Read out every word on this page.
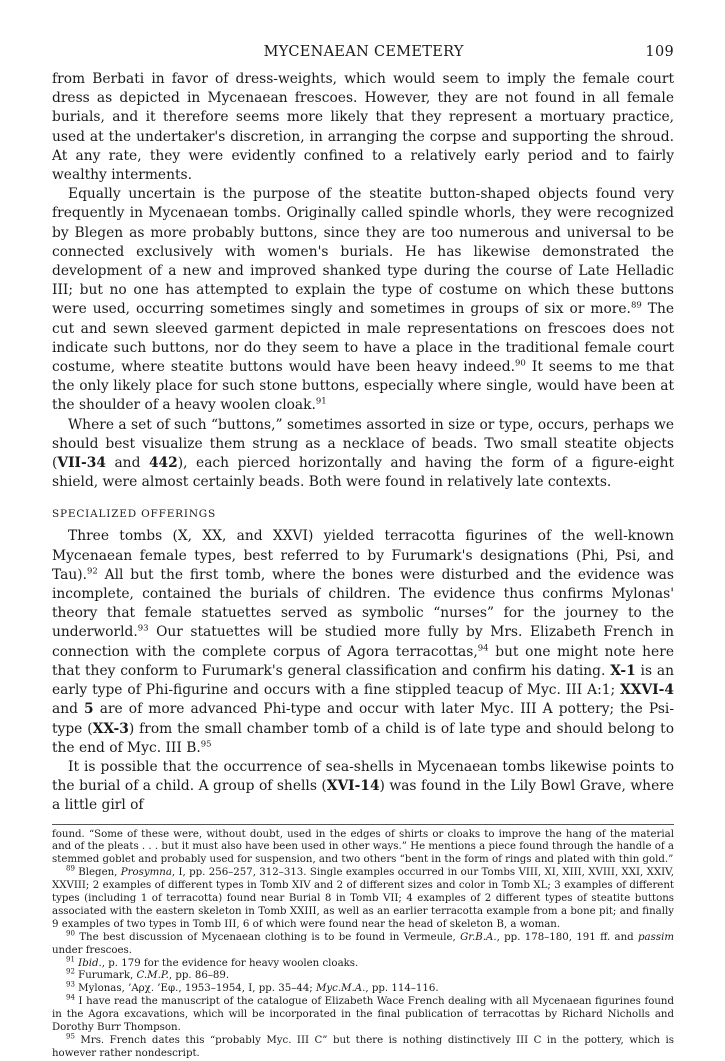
MYCENAEAN CEMETERY	109

from Berbati in favor of dress-weights, which would seem to imply the female court dress as depicted in Mycenaean frescoes. However, they are not found in all female burials, and it therefore seems more likely that they represent a mortuary practice, used at the undertaker's discretion, in arranging the corpse and supporting the shroud. At any rate, they were evidently confined to a relatively early period and to fairly wealthy interments.

Equally uncertain is the purpose of the steatite button-shaped objects found very frequently in Mycenaean tombs. Originally called spindle whorls, they were recognized by Blegen as more probably buttons, since they are too numerous and universal to be connected exclusively with women's burials. He has likewise demonstrated the development of a new and improved shanked type during the course of Late Helladic III; but no one has attempted to explain the type of costume on which these buttons were used, occurring sometimes singly and sometimes in groups of six or more.$^{89}$ The cut and sewn sleeved garment depicted in male representations on frescoes does not indicate such buttons, nor do they seem to have a place in the traditional female court costume, where steatite buttons would have been heavy indeed.$^{90}$ It seems to me that the only likely place for such stone buttons, especially where single, would have been at the shoulder of a heavy woolen cloak.$^{91}$

Where a set of such “buttons,” sometimes assorted in size or type, occurs, perhaps we should best visualize them strung as a necklace of beads. Two small steatite objects (VII-34 and 442), each pierced horizontally and having the form of a figure-eight shield, were almost certainly beads. Both were found in relatively late contexts.

SPECIALIZED OFFERINGS

Three tombs (X, XX, and XXVI) yielded terracotta figurines of the well-known Mycenaean female types, best referred to by Furumark's designations (Phi, Psi, and Tau).$^{92}$ All but the first tomb, where the bones were disturbed and the evidence was incomplete, contained the burials of children. The evidence thus confirms Mylonas' theory that female statuettes served as symbolic “nurses” for the journey to the underworld.$^{93}$ Our statuettes will be studied more fully by Mrs. Elizabeth French in connection with the complete corpus of Agora terracottas,$^{94}$ but one might note here that they conform to Furumark's general classification and confirm his dating. X-1 is an early type of Phi-figurine and occurs with a fine stippled teacup of Myc. III A:1; XXVI-4 and 5 are of more advanced Phi-type and occur with later Myc. III A pottery; the Psi-type (XX-3) from the small chamber tomb of a child is of late type and should belong to the end of Myc. III B.$^{95}$

It is possible that the occurrence of sea-shells in Mycenaean tombs likewise points to the burial of a child. A group of shells (XVI-14) was found in the Lily Bowl Grave, where a little girl of

found. “Some of these were, without doubt, used in the edges of shirts or cloaks to improve the hang of the material and of the pleats . . . but it must also have been used in other ways.” He mentions a piece found through the handle of a stemmed goblet and probably used for suspension, and two others “bent in the form of rings and plated with thin gold.”

$^{89}$ Blegen, Prosymna, I, pp. 256–257, 312–313. Single examples occurred in our Tombs VIII, XI, XIII, XVIII, XXI, XXIV, XXVIII; 2 examples of different types in Tomb XIV and 2 of different sizes and color in Tomb XL; 3 examples of different types (including 1 of terracotta) found near Burial 8 in Tomb VII; 4 examples of 2 different types of steatite buttons associated with the eastern skeleton in Tomb XXIII, as well as an earlier terracotta example from a bone pit; and finally 9 examples of two types in Tomb III, 6 of which were found near the head of skeleton B, a woman.

$^{90}$ The best discussion of Mycenaean clothing is to be found in Vermeule, Gr.B.A., pp. 178–180, 191 ff. and passim under frescoes.

$^{91}$ Ibid., p. 179 for the evidence for heavy woolen cloaks.

$^{92}$ Furumark, C.M.P., pp. 86–89.

$^{93}$ Mylonas, ’Αρχ. ’Εφ., 1953–1954, I, pp. 35–44; Myc.M.A., pp. 114–116.

$^{94}$ I have read the manuscript of the catalogue of Elizabeth Wace French dealing with all Mycenaean figurines found in the Agora excavations, which will be incorporated in the final publication of terracottas by Richard Nicholls and Dorothy Burr Thompson.

$^{95}$ Mrs. French dates this “probably Myc. III C” but there is nothing distinctively III C in the pottery, which is however rather nondescript.
